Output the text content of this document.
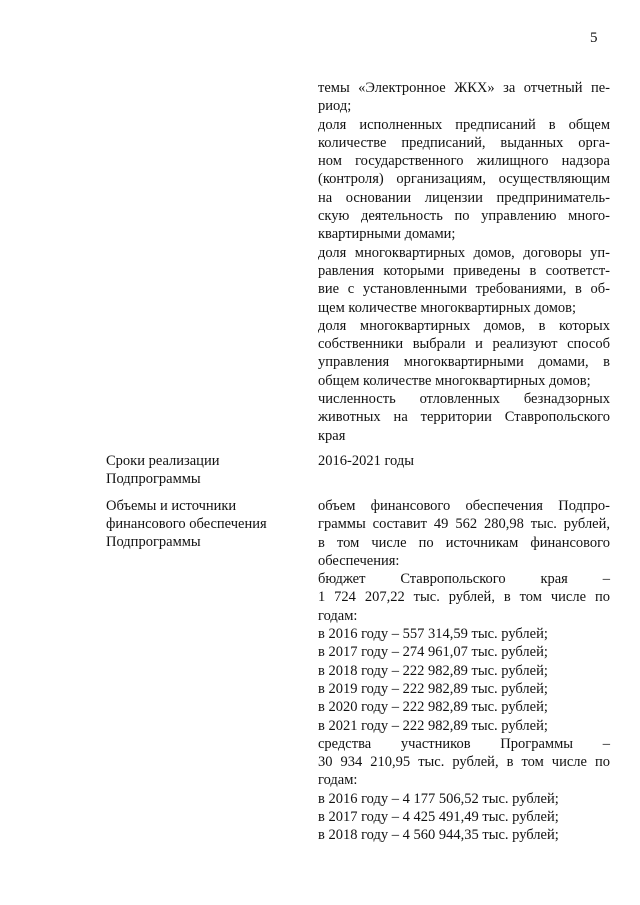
5
темы «Электронное ЖКХ» за отчетный пе-
риод;
доля исполненных предписаний в общем
количестве предписаний, выданных орга-
ном государственного жилищного надзора
(контроля) организациям, осуществляющим
на основании лицензии предприниматель-
скую деятельность по управлению много-
квартирными домами;
доля многоквартирных домов, договоры уп-
равления которыми приведены в соответст-
вие с установленными требованиями, в об-
щем количестве многоквартирных домов;
доля многоквартирных домов, в которых
собственники выбрали и реализуют способ
управления многоквартирными домами, в
общем количестве многоквартирных домов;
численность отловленных безнадзорных
животных на территории Ставропольского
края
Сроки реализации
Подпрограммы
2016-2021 годы
Объемы и источники
финансового обеспечения
Подпрограммы
объем финансового обеспечения Подпро-
граммы составит 49 562 280,98 тыс. рублей,
в том числе по источникам финансового
обеспечения:
бюджет Ставропольского края –
1 724 207,22 тыс. рублей, в том числе по
годам:
в 2016 году – 557 314,59 тыс. рублей;
в 2017 году – 274 961,07 тыс. рублей;
в 2018 году – 222 982,89 тыс. рублей;
в 2019 году – 222 982,89 тыс. рублей;
в 2020 году – 222 982,89 тыс. рублей;
в 2021 году – 222 982,89 тыс. рублей;
средства участников Программы –
30 934 210,95 тыс. рублей, в том числе по
годам:
в 2016 году – 4 177 506,52 тыс. рублей;
в 2017 году – 4 425 491,49 тыс. рублей;
в 2018 году – 4 560 944,35 тыс. рублей;
